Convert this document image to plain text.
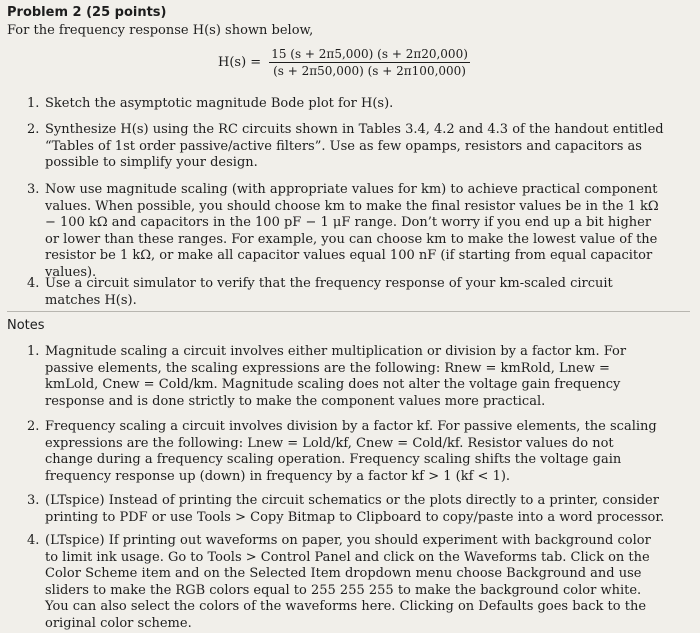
Problem 2 (25 points)
For the frequency response H(s) shown below,
$H(s) = \frac{15 (s + 2\pi 5,000) (s + 2\pi 20,000)}{(s + 2\pi 50,000) (s + 2\pi 100,000)}$
1. Sketch the asymptotic magnitude Bode plot for H(s).
2. Synthesize H(s) using the RC circuits shown in Tables 3.4, 4.2 and 4.3 of the handout entitled “Tables of 1st order passive/active filters”. Use as few opamps, resistors and capacitors as possible to simplify your design.
3. Now use magnitude scaling (with appropriate values for km) to achieve practical component values. When possible, you should choose km to make the final resistor values be in the 1 kΩ − 100 kΩ and capacitors in the 100 pF − 1 μF range. Don’t worry if you end up a bit higher or lower than these ranges. For example, you can choose km to make the lowest value of the resistor be 1 kΩ, or make all capacitor values equal 100 nF (if starting from equal capacitor values).
4. Use a circuit simulator to verify that the frequency response of your km-scaled circuit matches H(s).
Notes
1. Magnitude scaling a circuit involves either multiplication or division by a factor km. For passive elements, the scaling expressions are the following: Rnew = kmRold, Lnew = kmLold, Cnew = Cold/km. Magnitude scaling does not alter the voltage gain frequency response and is done strictly to make the component values more practical.
2. Frequency scaling a circuit involves division by a factor kf. For passive elements, the scaling expressions are the following: Lnew = Lold/kf, Cnew = Cold/kf. Resistor values do not change during a frequency scaling operation. Frequency scaling shifts the voltage gain frequency response up (down) in frequency by a factor kf > 1 (kf < 1).
3. (LTspice) Instead of printing the circuit schematics or the plots directly to a printer, consider printing to PDF or use Tools > Copy Bitmap to Clipboard to copy/paste into a word processor.
4. (LTspice) If printing out waveforms on paper, you should experiment with background color to limit ink usage. Go to Tools > Control Panel and click on the Waveforms tab. Click on the Color Scheme item and on the Selected Item dropdown menu choose Background and use sliders to make the RGB colors equal to 255 255 255 to make the background color white. You can also select the colors of the waveforms here. Clicking on Defaults goes back to the original color scheme.
